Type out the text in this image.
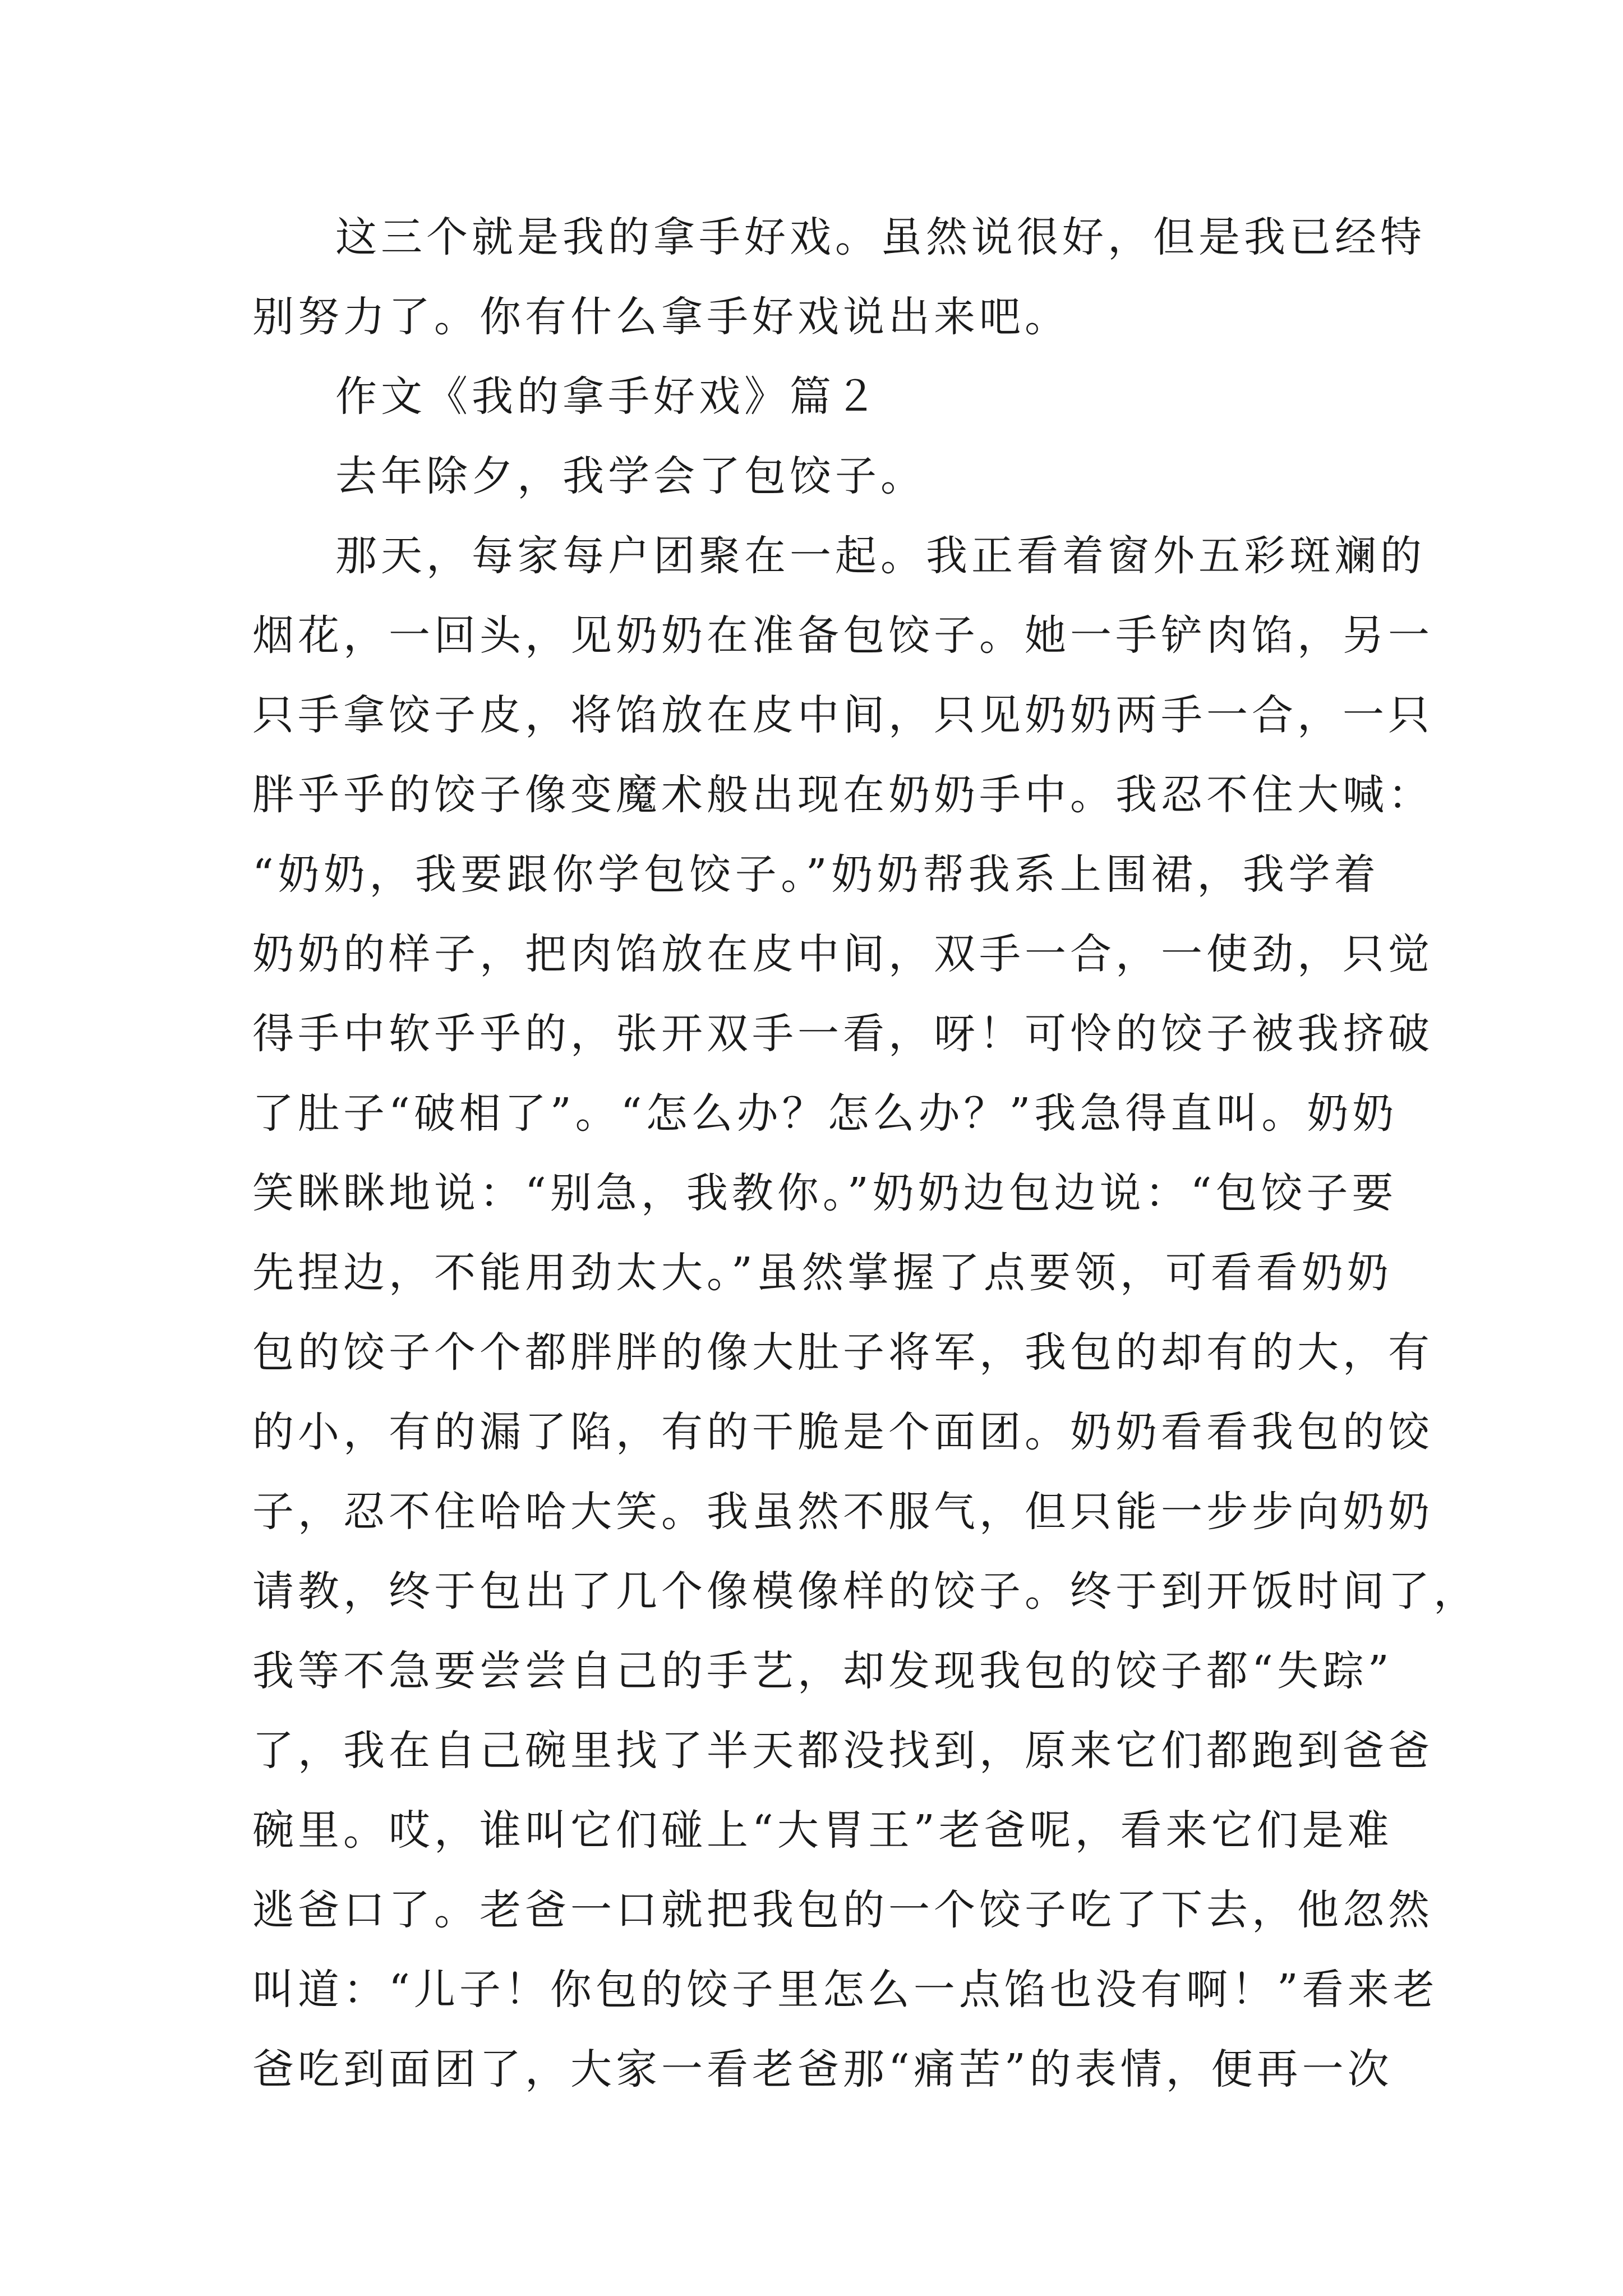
这三个就是我的拿手好戏。虽然说很好，但是我已经特
别努力了。你有什么拿手好戏说出来吧。
作文《我的拿手好戏》篇２
去年除夕，我学会了包饺子。
那天，每家每户团聚在一起。我正看着窗外五彩斑斓的
烟花，一回头，见奶奶在准备包饺子。她一手铲肉馅，另一
只手拿饺子皮，将馅放在皮中间，只见奶奶两手一合，一只
胖乎乎的饺子像变魔术般出现在奶奶手中。我忍不住大喊：
“奶奶，我要跟你学包饺子。”奶奶帮我系上围裙，我学着
奶奶的样子，把肉馅放在皮中间，双手一合，一使劲，只觉
得手中软乎乎的，张开双手一看，呀！可怜的饺子被我挤破
了肚子“破相了”。“怎么办？怎么办？”我急得直叫。奶奶
笑眯眯地说：“别急，我教你。”奶奶边包边说：“包饺子要
先捏边，不能用劲太大。”虽然掌握了点要领，可看看奶奶
包的饺子个个都胖胖的像大肚子将军，我包的却有的大，有
的小，有的漏了陷，有的干脆是个面团。奶奶看看我包的饺
子，忍不住哈哈大笑。我虽然不服气，但只能一步步向奶奶
请教，终于包出了几个像模像样的饺子。终于到开饭时间了，
我等不急要尝尝自己的手艺，却发现我包的饺子都“失踪”
了，我在自己碗里找了半天都没找到，原来它们都跑到爸爸
碗里。哎，谁叫它们碰上“大胃王”老爸呢，看来它们是难
逃爸口了。老爸一口就把我包的一个饺子吃了下去，他忽然
叫道：“儿子！你包的饺子里怎么一点馅也没有啊！”看来老
爸吃到面团了，大家一看老爸那“痛苦”的表情，便再一次
